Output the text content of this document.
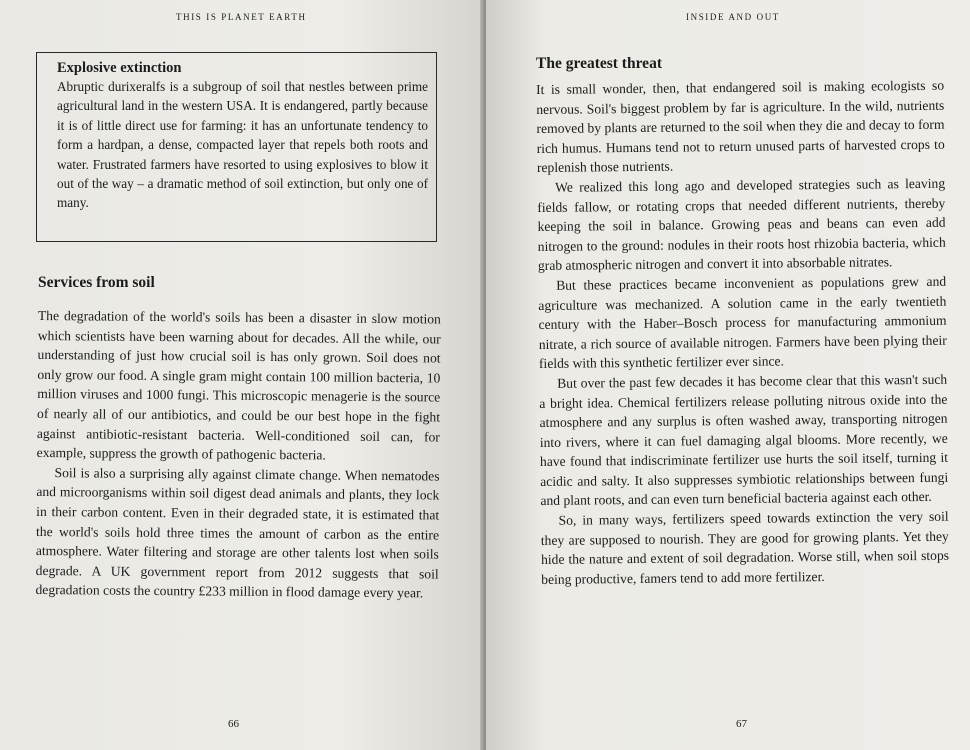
THIS IS PLANET EARTH
Explosive extinction
Abruptic durixeralfs is a subgroup of soil that nestles between prime agricultural land in the western USA. It is endangered, partly because it is of little direct use for farming: it has an unfortunate tendency to form a hardpan, a dense, compacted layer that repels both roots and water. Frustrated farmers have resorted to using explosives to blow it out of the way – a dramatic method of soil extinction, but only one of many.
Services from soil

The degradation of the world's soils has been a disaster in slow motion which scientists have been warning about for decades. All the while, our understanding of just how crucial soil is has only grown. Soil does not only grow our food. A single gram might contain 100 million bacteria, 10 million viruses and 1000 fungi. This microscopic menagerie is the source of nearly all of our antibiotics, and could be our best hope in the fight against antibiotic-resistant bacteria. Well-conditioned soil can, for example, suppress the growth of pathogenic bacteria.

Soil is also a surprising ally against climate change. When nematodes and microorganisms within soil digest dead animals and plants, they lock in their carbon content. Even in their degraded state, it is estimated that the world's soils hold three times the amount of carbon as the entire atmosphere. Water filtering and storage are other talents lost when soils degrade. A UK government report from 2012 suggests that soil degradation costs the country £233 million in flood damage every year.

66
INSIDE AND OUT
The greatest threat

It is small wonder, then, that endangered soil is making ecologists so nervous. Soil's biggest problem by far is agriculture. In the wild, nutrients removed by plants are returned to the soil when they die and decay to form rich humus. Humans tend not to return unused parts of harvested crops to replenish those nutrients.

We realized this long ago and developed strategies such as leaving fields fallow, or rotating crops that needed different nutrients, thereby keeping the soil in balance. Growing peas and beans can even add nitrogen to the ground: nodules in their roots host rhizobia bacteria, which grab atmospheric nitrogen and convert it into absorbable nitrates.

But these practices became inconvenient as populations grew and agriculture was mechanized. A solution came in the early twentieth century with the Haber–Bosch process for manufacturing ammonium nitrate, a rich source of available nitrogen. Farmers have been plying their fields with this synthetic fertilizer ever since.

But over the past few decades it has become clear that this wasn't such a bright idea. Chemical fertilizers release polluting nitrous oxide into the atmosphere and any surplus is often washed away, transporting nitrogen into rivers, where it can fuel damaging algal blooms. More recently, we have found that indiscriminate fertilizer use hurts the soil itself, turning it acidic and salty. It also suppresses symbiotic relationships between fungi and plant roots, and can even turn beneficial bacteria against each other.

So, in many ways, fertilizers speed towards extinction the very soil they are supposed to nourish. They are good for growing plants. Yet they hide the nature and extent of soil degradation. Worse still, when soil stops being productive, famers tend to add more fertilizer.

67
